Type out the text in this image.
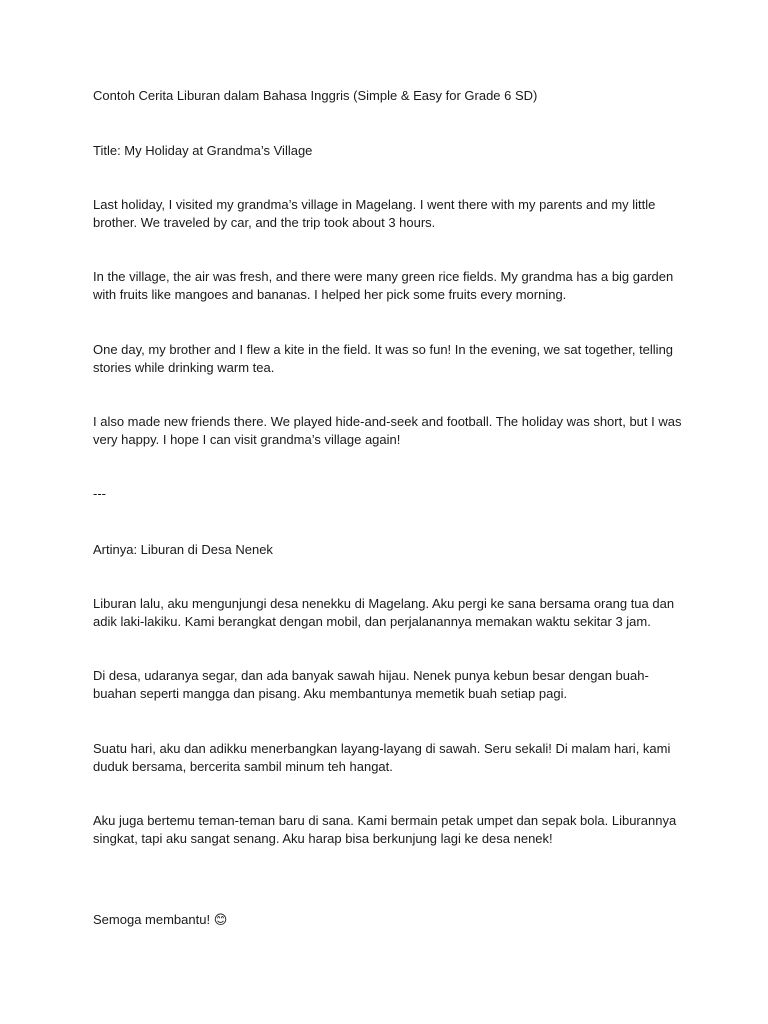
Contoh Cerita Liburan dalam Bahasa Inggris (Simple & Easy for Grade 6 SD)

Title: My Holiday at Grandma’s Village

Last holiday, I visited my grandma’s village in Magelang. I went there with my parents and my little brother. We traveled by car, and the trip took about 3 hours.

In the village, the air was fresh, and there were many green rice fields. My grandma has a big garden with fruits like mangoes and bananas. I helped her pick some fruits every morning.

One day, my brother and I flew a kite in the field. It was so fun! In the evening, we sat together, telling stories while drinking warm tea.

I also made new friends there. We played hide-and-seek and football. The holiday was short, but I was very happy. I hope I can visit grandma’s village again!

---

Artinya: Liburan di Desa Nenek

Liburan lalu, aku mengunjungi desa nenekku di Magelang. Aku pergi ke sana bersama orang tua dan adik laki-lakiku. Kami berangkat dengan mobil, dan perjalanannya memakan waktu sekitar 3 jam.

Di desa, udaranya segar, dan ada banyak sawah hijau. Nenek punya kebun besar dengan buah-buahan seperti mangga dan pisang. Aku membantunya memetik buah setiap pagi.

Suatu hari, aku dan adikku menerbangkan layang-layang di sawah. Seru sekali! Di malam hari, kami duduk bersama, bercerita sambil minum teh hangat.

Aku juga bertemu teman-teman baru di sana. Kami bermain petak umpet dan sepak bola. Liburannya singkat, tapi aku sangat senang. Aku harap bisa berkunjung lagi ke desa nenek!

Semoga membantu! 😊
